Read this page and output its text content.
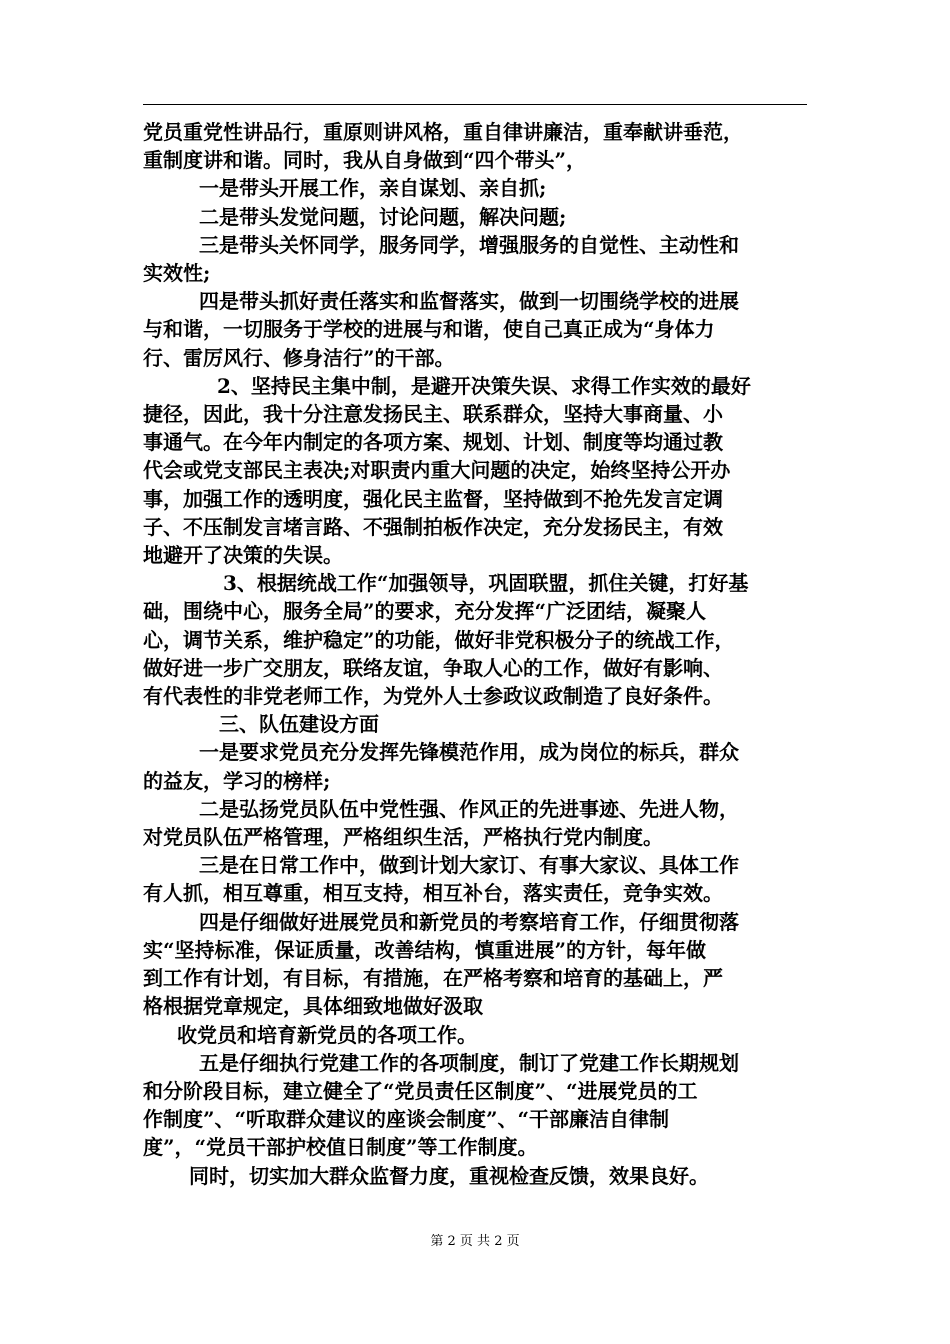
党员重党性讲品行，重原则讲风格，重自律讲廉洁，重奉献讲垂范，
重制度讲和谐。同时，我从自身做到“四个带头”，
一是带头开展工作，亲自谋划、亲自抓;
二是带头发觉问题，讨论问题，解决问题;
三是带头关怀同学，服务同学，增强服务的自觉性、主动性和
实效性;
四是带头抓好责任落实和监督落实，做到一切围绕学校的进展
与和谐，一切服务于学校的进展与和谐，使自己真正成为“身体力
行、雷厉风行、修身洁行”的干部。
2、坚持民主集中制，是避开决策失误、求得工作实效的最好
捷径，因此，我十分注意发扬民主、联系群众，坚持大事商量、小
事通气。在今年内制定的各项方案、规划、计划、制度等均通过教
代会或党支部民主表决;对职责内重大问题的决定，始终坚持公开办
事，加强工作的透明度，强化民主监督，坚持做到不抢先发言定调
子、不压制发言堵言路、不强制拍板作决定，充分发扬民主，有效
地避开了决策的失误。
3、根据统战工作“加强领导，巩固联盟，抓住关键，打好基
础，围绕中心，服务全局”的要求，充分发挥“广泛团结，凝聚人
心，调节关系，维护稳定”的功能，做好非党积极分子的统战工作，
做好进一步广交朋友，联络友谊，争取人心的工作，做好有影响、
有代表性的非党老师工作，为党外人士参政议政制造了良好条件。
三、队伍建设方面
一是要求党员充分发挥先锋模范作用，成为岗位的标兵，群众
的益友，学习的榜样;
二是弘扬党员队伍中党性强、作风正的先进事迹、先进人物，
对党员队伍严格管理，严格组织生活，严格执行党内制度。
三是在日常工作中，做到计划大家订、有事大家议、具体工作
有人抓，相互尊重，相互支持，相互补台，落实责任，竞争实效。
四是仔细做好进展党员和新党员的考察培育工作，仔细贯彻落
实“坚持标准，保证质量，改善结构，慎重进展”的方针，每年做
到工作有计划，有目标，有措施，在严格考察和培育的基础上，严
格根据党章规定，具体细致地做好汲取
收党员和培育新党员的各项工作。
五是仔细执行党建工作的各项制度，制订了党建工作长期规划
和分阶段目标，建立健全了“党员责任区制度”、“进展党员的工
作制度”、“听取群众建议的座谈会制度”、“干部廉洁自律制
度”，“党员干部护校值日制度”等工作制度。
同时，切实加大群众监督力度，重视检查反馈，效果良好。
第 2 页 共 2 页
